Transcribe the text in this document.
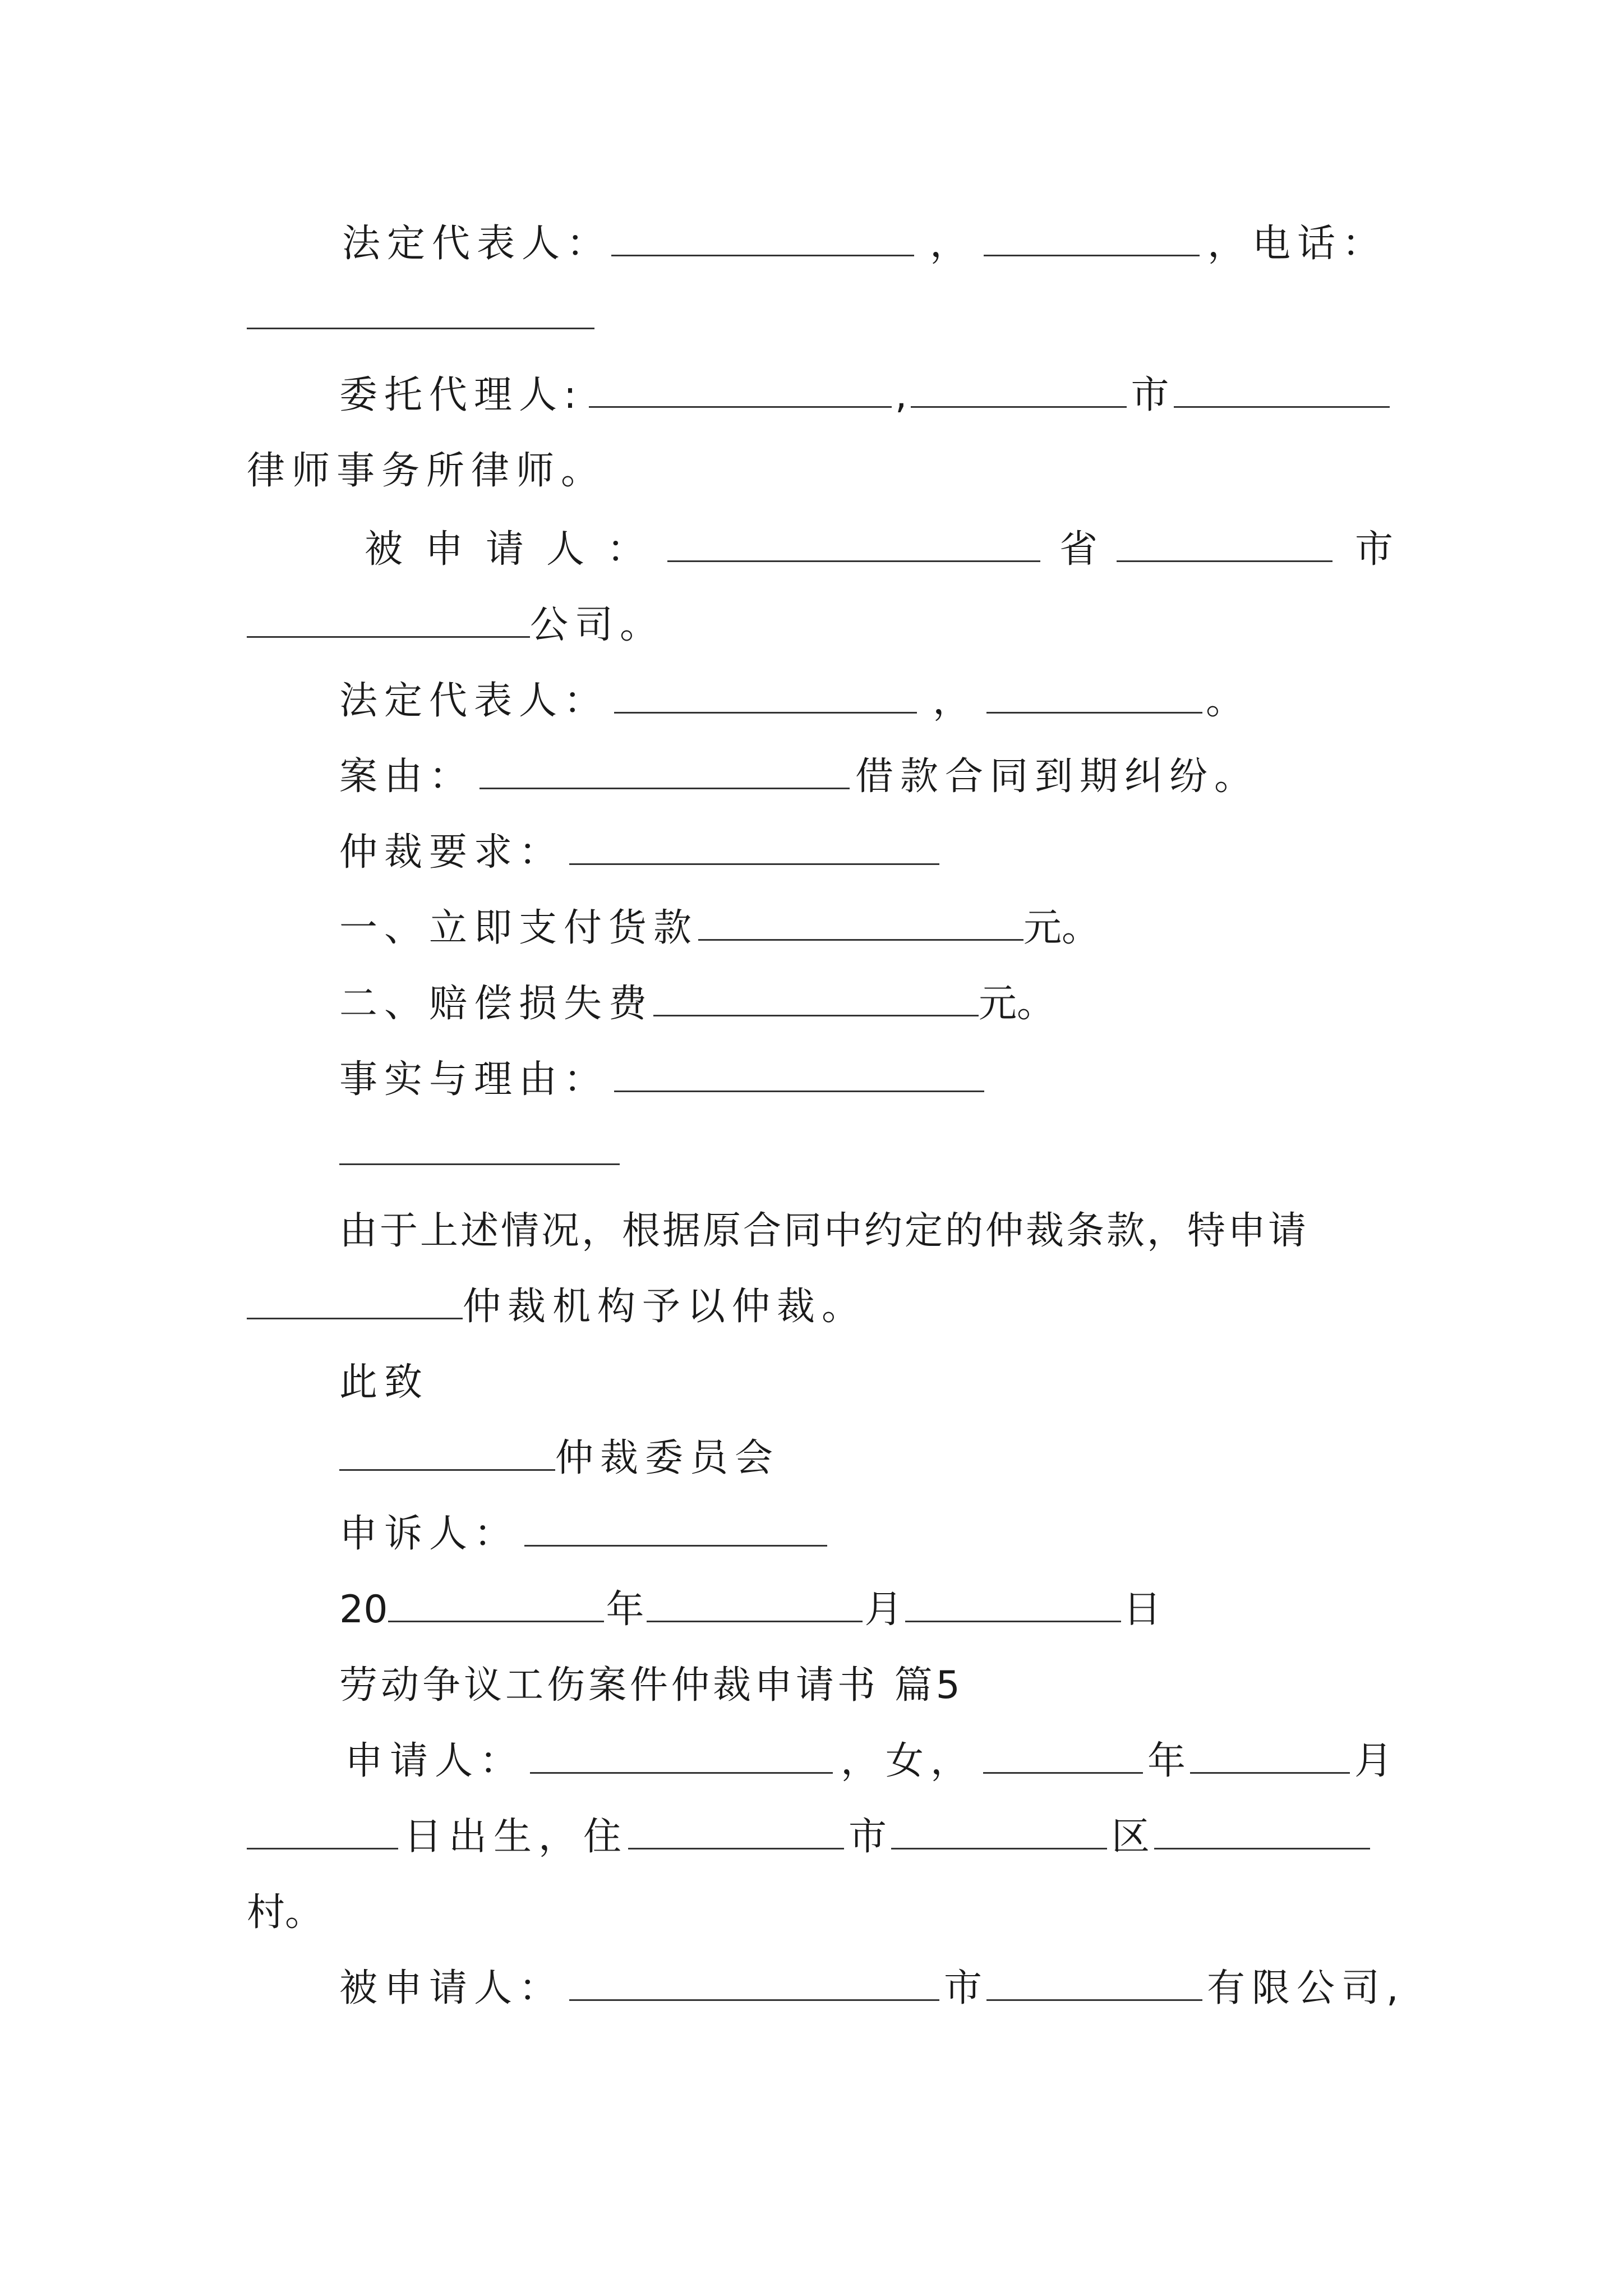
法定代表人：	，	，电话：
委托代理人:	,	市
律师事务所律师。
被申请人：	省	市
公司。
法定代表人：	，	。
案由：	借款合同到期纠纷。
仲裁要求：
一、立即支付货款	元。
二、赔偿损失费	元。
事实与理由：
由于上述情况，根据原合同中约定的仲裁条款，特申请
仲裁机构予以仲裁。
此致
仲裁委员会
申诉人：
20	年	月	日
劳动争议工伤案件仲裁申请书 篇5
申请人：	，女，	年	月
日出生，住	市	区
村。
被申请人：	市	有限公司,
